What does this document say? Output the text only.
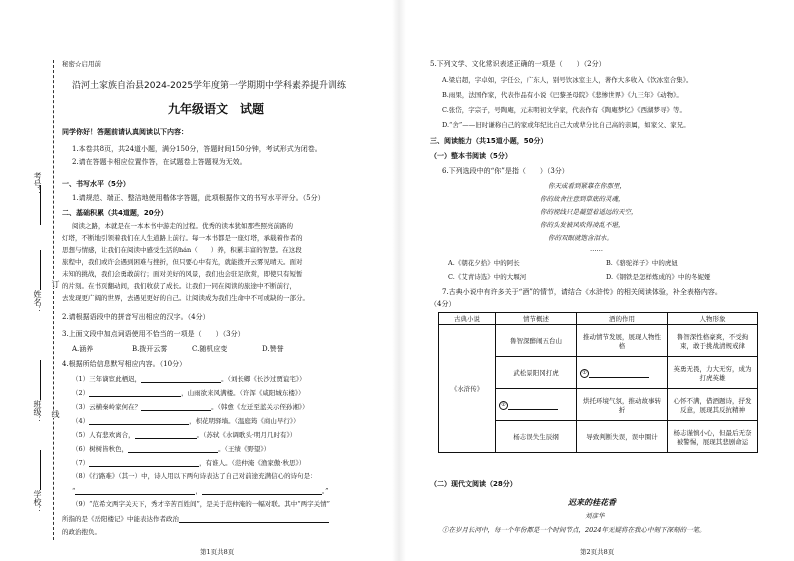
考号：
姓名：
班级：
学校：
订
线
秘密☆启用前
沿河土家族自治县2024-2025学年度第一学期期中学科素养提升训练
九年级语文　试题
同学你好！答题前请认真阅读以下内容：
1.本卷共8页，共24道小题，满分150分，答题时间150分钟，考试形式为闭卷。
2.请在答题卡相应位置作答，在试题卷上答题视为无效。
一、书写水平（5分）
1.请规范、端正、整洁地使用楷体字答题，此项根据作文的书写水平评分。（5分）
二、基础积累（共4道题，20分）
阅读之路，本就是在一本本书中游走的过程。优秀的读本犹如那些照亮前路的
灯塔，不断地引领着我们在人生道路上前行。每一本书都是一座灯塔，承载着作者的
思想与情感，让我们在阅读中感受生活的hán（　　）养，积累丰富的智慧。在这段
旅程中，我们或许会遇到困难与挫折，但只要心中有光，就能拨开云雾见晴天。面对
未知的挑战，我们会勇敢前行；面对美好的风景，我们也会驻足欣赏，即使只有短暂
的片刻。在书页翻动间，我们收获了成长。让我们一同在阅读的旅途中不断前行，
去发现更广阔的世界，去遇见更好的自己。让阅读成为我们生命中不可或缺的一部分。
2.请根据语段中的拼音写出相应的汉字。（4分）
3.上面文段中加点词语使用不恰当的一项是（　　）（3分）
A.涵养	B.拨开云雾	C.随机应变	D.赞誉
4.根据所给信息默写相应内容。（10分）
（1）三年谪宦此栖迟，	。（刘长卿《长沙过贾谊宅》）
（2）	，山雨欲来风满楼。（许浑《咸阳城东楼》）
（3）云横秦岭家何在？	。（韩愈《左迁至蓝关示侄孙湘》）
（4）	，枳花明驿墙。（温庭筠《商山早行》）
（5）人有悲欢离合，	。（苏轼《水调歌头·明月几时有》）
（6）树树皆秋色，	。（王绩《野望》）
（7）	，有谁人。（范仲淹《渔家傲·秋思》）
（8）《行路难》（其一）中，诗人用以下两句诗表达了自己对前途充满信心的诗句是：
“	，	。”
（9）“范希文两字关天下，秀才辛苦百姓间”，是关于范仲淹的一幅对联。其中“两字关情”
所指的是《岳阳楼记》中能表达作者政治
的政治抱负。
第1页共8页
5.下列文学、文化常识表述正确的一项是（　　）（2分）
A.梁启超，字卓如，字任公，广东人，别号饮冰室主人，著作大多收入《饮冰室合集》。
B.雨果，法国作家，代表作品有小说《巴黎圣母院》《悲惨世界》《九三年》《动物》。
C.张岱，字宗子，号陶庵，元末明初文学家，代表作有《陶庵梦忆》《西湖梦寻》等。
D.“舍”——旧时谦称自己的家或年纪比自己大或辈分比自己高的亲属，如家父、家兄。
三、阅读能力（共15道小题，50分）
（一）整本书阅读（5分）
6.下列选段中的“你”是指（　　）（3分）
你天成看到紧靠在你那里，
你的故舍注意到草底的灵魂，
你的视线只是凝望着遥远的天空，
你的头发被风吹得凌乱不堪，
你的双眼就饱含泪水。
……
A.《朝花夕拾》中的阿长	B.《骆驼祥子》中的虎妞
C.《艾青诗选》中的大堰河	D.《钢铁是怎样炼成的》中的冬妮娅
7.古典小说中有许多关于“酒”的情节，请结合《水浒传》的相关阅读体验，补全表格内容。
（4分）
古典小说	情节概述	酒的作用	人物形象
《水浒传》	鲁智深醉闹五台山	推动情节发展，展现人物性格	鲁智深性格豪爽，不受拘束，敢于挑战清规戒律
	武松景阳冈打虎	①	英勇无畏，力大无穷，成为打虎英雄
	②	烘托环境气氛，推动故事转折	心怀不满，借酒题诗，抒发反意，展现其反抗精神
	杨志误失生辰纲	导致判断失误，误中圈计	杨志谨慎小心，但最后无奈被警惕，展现其悲剧命运
（二）现代文阅读（28分）
迟来的桂花香
刘彦华
①在岁月长河中，每一个年份都是一个时间节点，2024年无疑将在我心中刻下深刻的一笔。
第2页共8页
